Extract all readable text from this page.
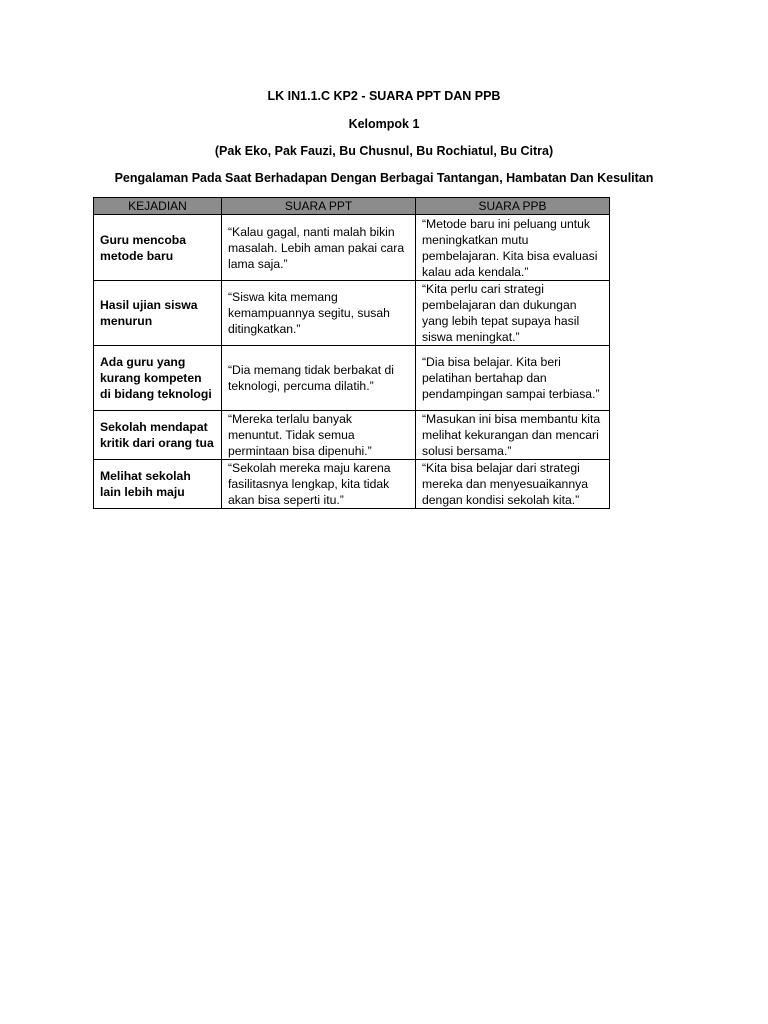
LK IN1.1.C KP2 - SUARA PPT DAN PPB
Kelompok 1
(Pak Eko, Pak Fauzi, Bu Chusnul, Bu Rochiatul, Bu Citra)
Pengalaman Pada Saat Berhadapan Dengan Berbagai Tantangan, Hambatan Dan Kesulitan
KEJADIAN	SUARA PPT	SUARA PPB
Guru mencoba metode baru	“Kalau gagal, nanti malah bikin masalah. Lebih aman pakai cara lama saja.”	“Metode baru ini peluang untuk meningkatkan mutu pembelajaran. Kita bisa evaluasi kalau ada kendala.”
Hasil ujian siswa menurun	“Siswa kita memang kemampuannya segitu, susah ditingkatkan.”	“Kita perlu cari strategi pembelajaran dan dukungan yang lebih tepat supaya hasil siswa meningkat.”
Ada guru yang kurang kompeten di bidang teknologi	“Dia memang tidak berbakat di teknologi, percuma dilatih.”	“Dia bisa belajar. Kita beri pelatihan bertahap dan pendampingan sampai terbiasa.”
Sekolah mendapat kritik dari orang tua	“Mereka terlalu banyak menuntut. Tidak semua permintaan bisa dipenuhi.”	“Masukan ini bisa membantu kita melihat kekurangan dan mencari solusi bersama.”
Melihat sekolah lain lebih maju	“Sekolah mereka maju karena fasilitasnya lengkap, kita tidak akan bisa seperti itu.”	“Kita bisa belajar dari strategi mereka dan menyesuaikannya dengan kondisi sekolah kita.”
